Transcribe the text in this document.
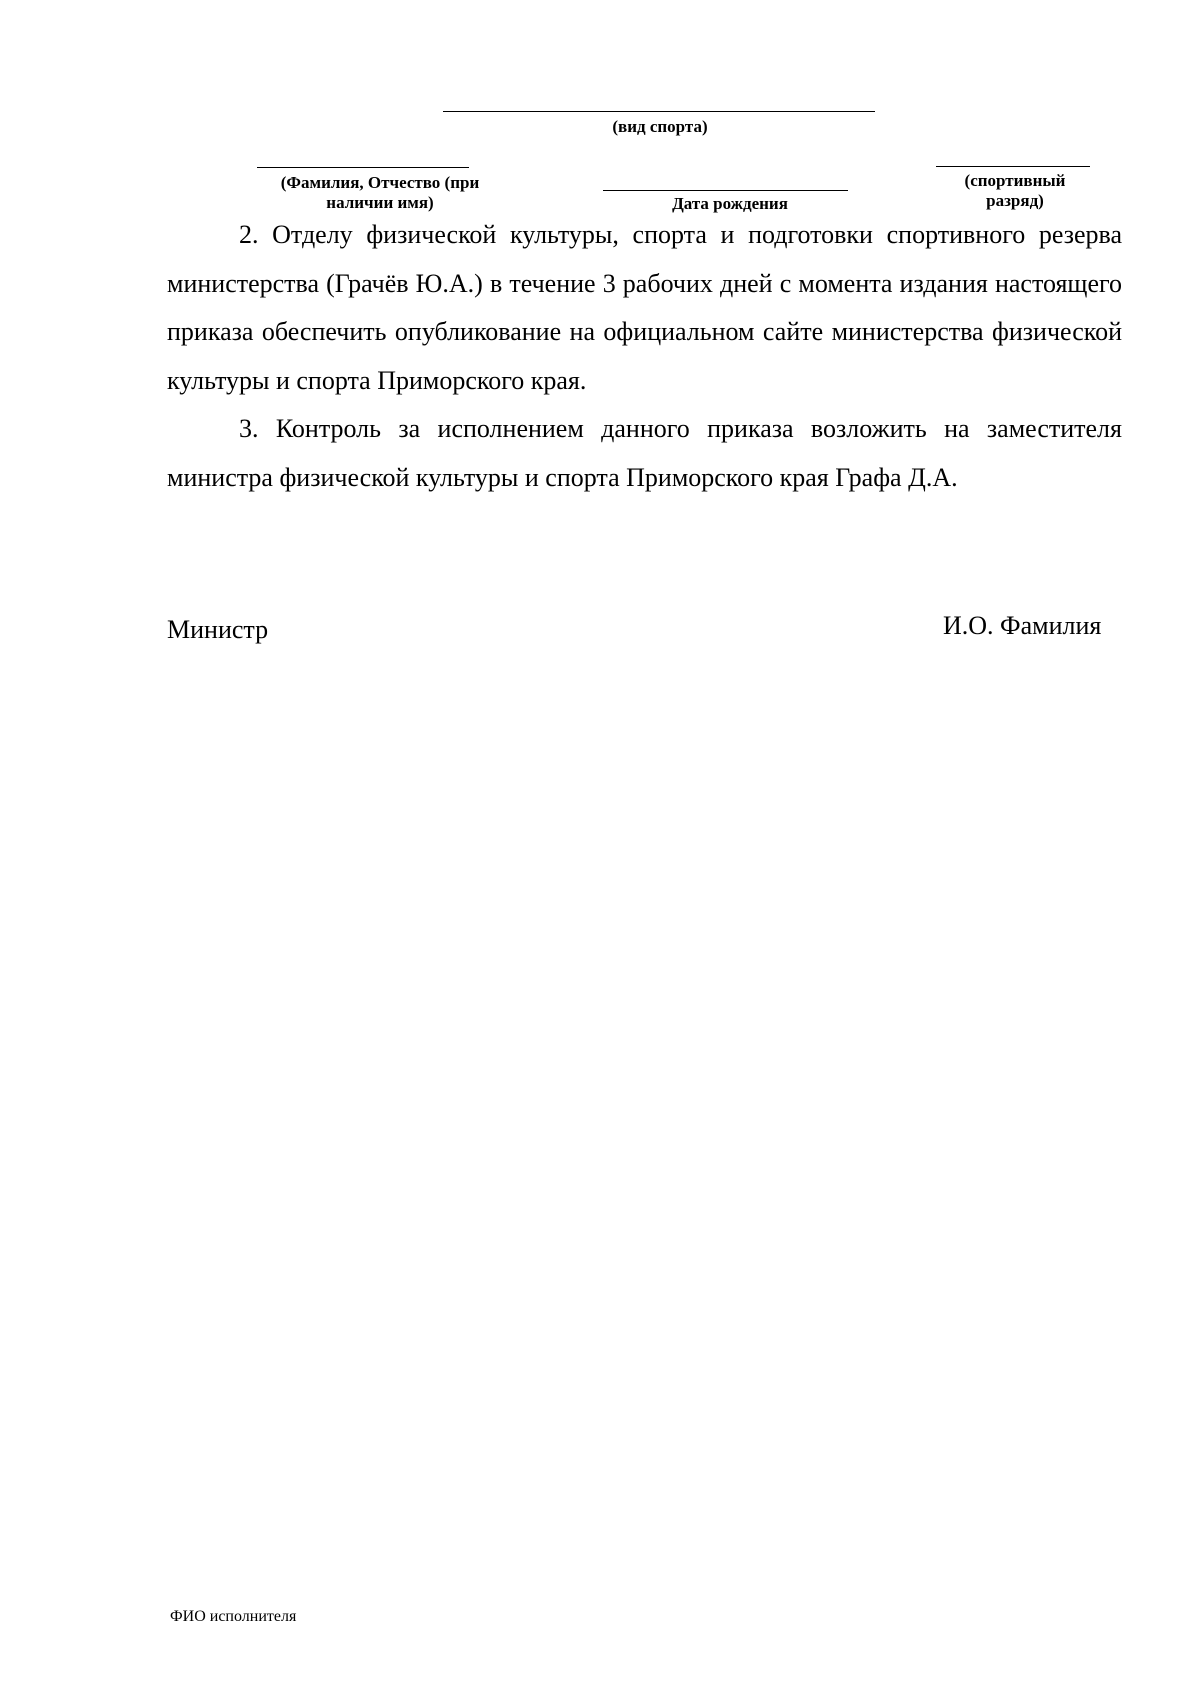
(вид спорта)
(Фамилия, Отчество (при
наличии имя)	Дата рождения
(спортивный
разряд)

2. Отделу физической культуры, спорта и подготовки спортивного резерва министерства (Грачёв Ю.А.) в течение 3 рабочих дней с момента издания настоящего приказа обеспечить опубликование на официальном сайте министерства физической культуры и спорта Приморского края.

3. Контроль за исполнением данного приказа возложить на заместителя министра физической культуры и спорта Приморского края Графа Д.А.

Министр	И.О. Фамилия
ФИО исполнителя
